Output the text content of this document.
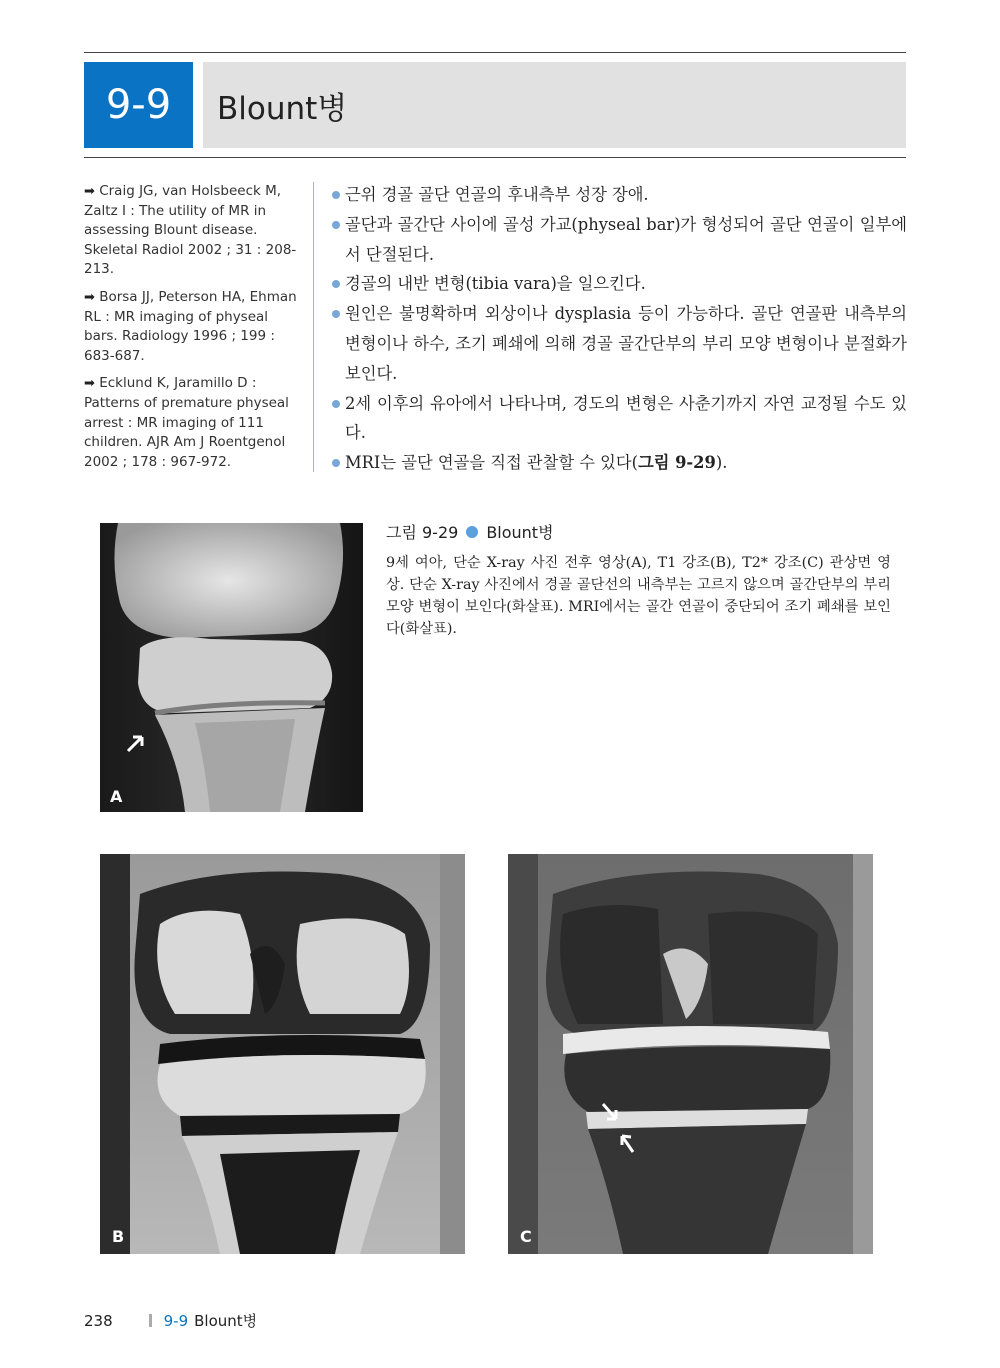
9-9 Blount병
➡ Craig JG, van Holsbeeck M, Zaltz I : The utility of MR in assessing Blount disease. Skeletal Radiol 2002 ; 31 : 208-213.
➡ Borsa JJ, Peterson HA, Ehman RL : MR imaging of physeal bars. Radiology 1996 ; 199 : 683-687.
➡ Ecklund K, Jaramillo D : Patterns of premature physeal arrest : MR imaging of 111 children. AJR Am J Roentgenol 2002 ; 178 : 967-972.
근위 경골 골단 연골의 후내측부 성장 장애.
골단과 골간단 사이에 골성 가교(physeal bar)가 형성되어 골단 연골이 일부에서 단절된다.
경골의 내반 변형(tibia vara)을 일으킨다.
원인은 불명확하며 외상이나 dysplasia 등이 가능하다. 골단 연골판 내측부의 변형이나 하수, 조기 폐쇄에 의해 경골 골간단부의 부리 모양 변형이나 분절화가 보인다.
2세 이후의 유아에서 나타나며, 경도의 변형은 사춘기까지 자연 교정될 수도 있다.
MRI는 골단 연골을 직접 관찰할 수 있다(그림 9-29).
그림 9-29 Blount병
9세 여아, 단순 X-ray 사진 전후 영상(A), T1 강조(B), T2* 강조(C) 관상면 영상. 단순 X-ray 사진에서 경골 골단선의 내측부는 고르지 않으며 골간단부의 부리 모양 변형이 보인다(화살표). MRI에서는 골간 연골이 중단되어 조기 폐쇄를 보인다(화살표).
A
B	C
238	9-9 Blount병
